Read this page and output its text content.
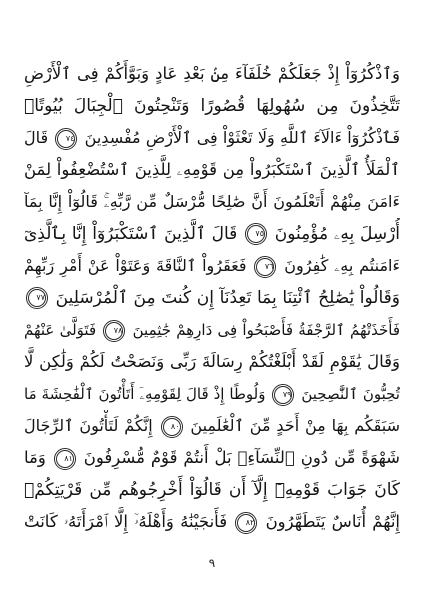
وَٱذْكُرُوٓاْ إِذْ جَعَلَكُمْ خُلَفَآءَ مِنۢ بَعْدِ عَادٍ وَبَوَّأَكُمْ فِى ٱلْأَرْضِ
تَتَّخِذُونَ مِن سُهُولِهَا قُصُورًا وَتَنْحِتُونَ ٱلْجِبَالَ بُيُوتًاۖ
فَٱذْكُرُوٓاْ ءَالَآءَ ٱللَّهِ وَلَا تَعْثَوْاْ فِى ٱلْأَرْضِ مُفْسِدِينَ ٧٤ قَالَ
ٱلْمَلَأُ ٱلَّذِينَ ٱسْتَكْبَرُواْ مِن قَوْمِهِۦ لِلَّذِينَ ٱسْتُضْعِفُواْ لِمَنْ
ءَامَنَ مِنْهُمْ أَتَعْلَمُونَ أَنَّ صَٰلِحًا مُّرْسَلٌ مِّن رَّبِّهِۦۚ قَالُوٓاْ إِنَّا بِمَآ
أُرْسِلَ بِهِۦ مُؤْمِنُونَ ٧٥ قَالَ ٱلَّذِينَ ٱسْتَكْبَرُوٓاْ إِنَّا بِٱلَّذِىٓ
ءَامَنتُم بِهِۦ كَٰفِرُونَ ٧٦ فَعَقَرُواْ ٱلنَّاقَةَ وَعَتَوْاْ عَنْ أَمْرِ رَبِّهِمْ
وَقَالُواْ يَٰصَٰلِحُ ٱئْتِنَا بِمَا تَعِدُنَآ إِن كُنتَ مِنَ ٱلْمُرْسَلِينَ ٧٧
فَأَخَذَتْهُمُ ٱلرَّجْفَةُ فَأَصْبَحُواْ فِى دَارِهِمْ جَٰثِمِينَ ٧٨ فَتَوَلَّىٰ عَنْهُمْ
وَقَالَ يَٰقَوْمِ لَقَدْ أَبْلَغْتُكُمْ رِسَالَةَ رَبِّى وَنَصَحْتُ لَكُمْ وَلَٰكِن لَّا
تُحِبُّونَ ٱلنَّٰصِحِينَ ٧٩ وَلُوطًا إِذْ قَالَ لِقَوْمِهِۦٓ أَتَأْتُونَ ٱلْفَٰحِشَةَ مَا
سَبَقَكُم بِهَا مِنْ أَحَدٍ مِّنَ ٱلْعَٰلَمِينَ ٨٠ إِنَّكُمْ لَتَأْتُونَ ٱلرِّجَالَ
شَهْوَةً مِّن دُونِ ٱلنِّسَآءِۚ بَلْ أَنتُمْ قَوْمٌ مُّسْرِفُونَ ٨١ وَمَا
كَانَ جَوَابَ قَوْمِهِۦٓ إِلَّآ أَن قَالُوٓاْ أَخْرِجُوهُم مِّن قَرْيَتِكُمْۖ
إِنَّهُمْ أُنَاسٌ يَتَطَهَّرُونَ ٨٢ فَأَنجَيْنَٰهُ وَأَهْلَهُۥٓ إِلَّا ٱمْرَأَتَهُۥ كَانَتْ
٩
